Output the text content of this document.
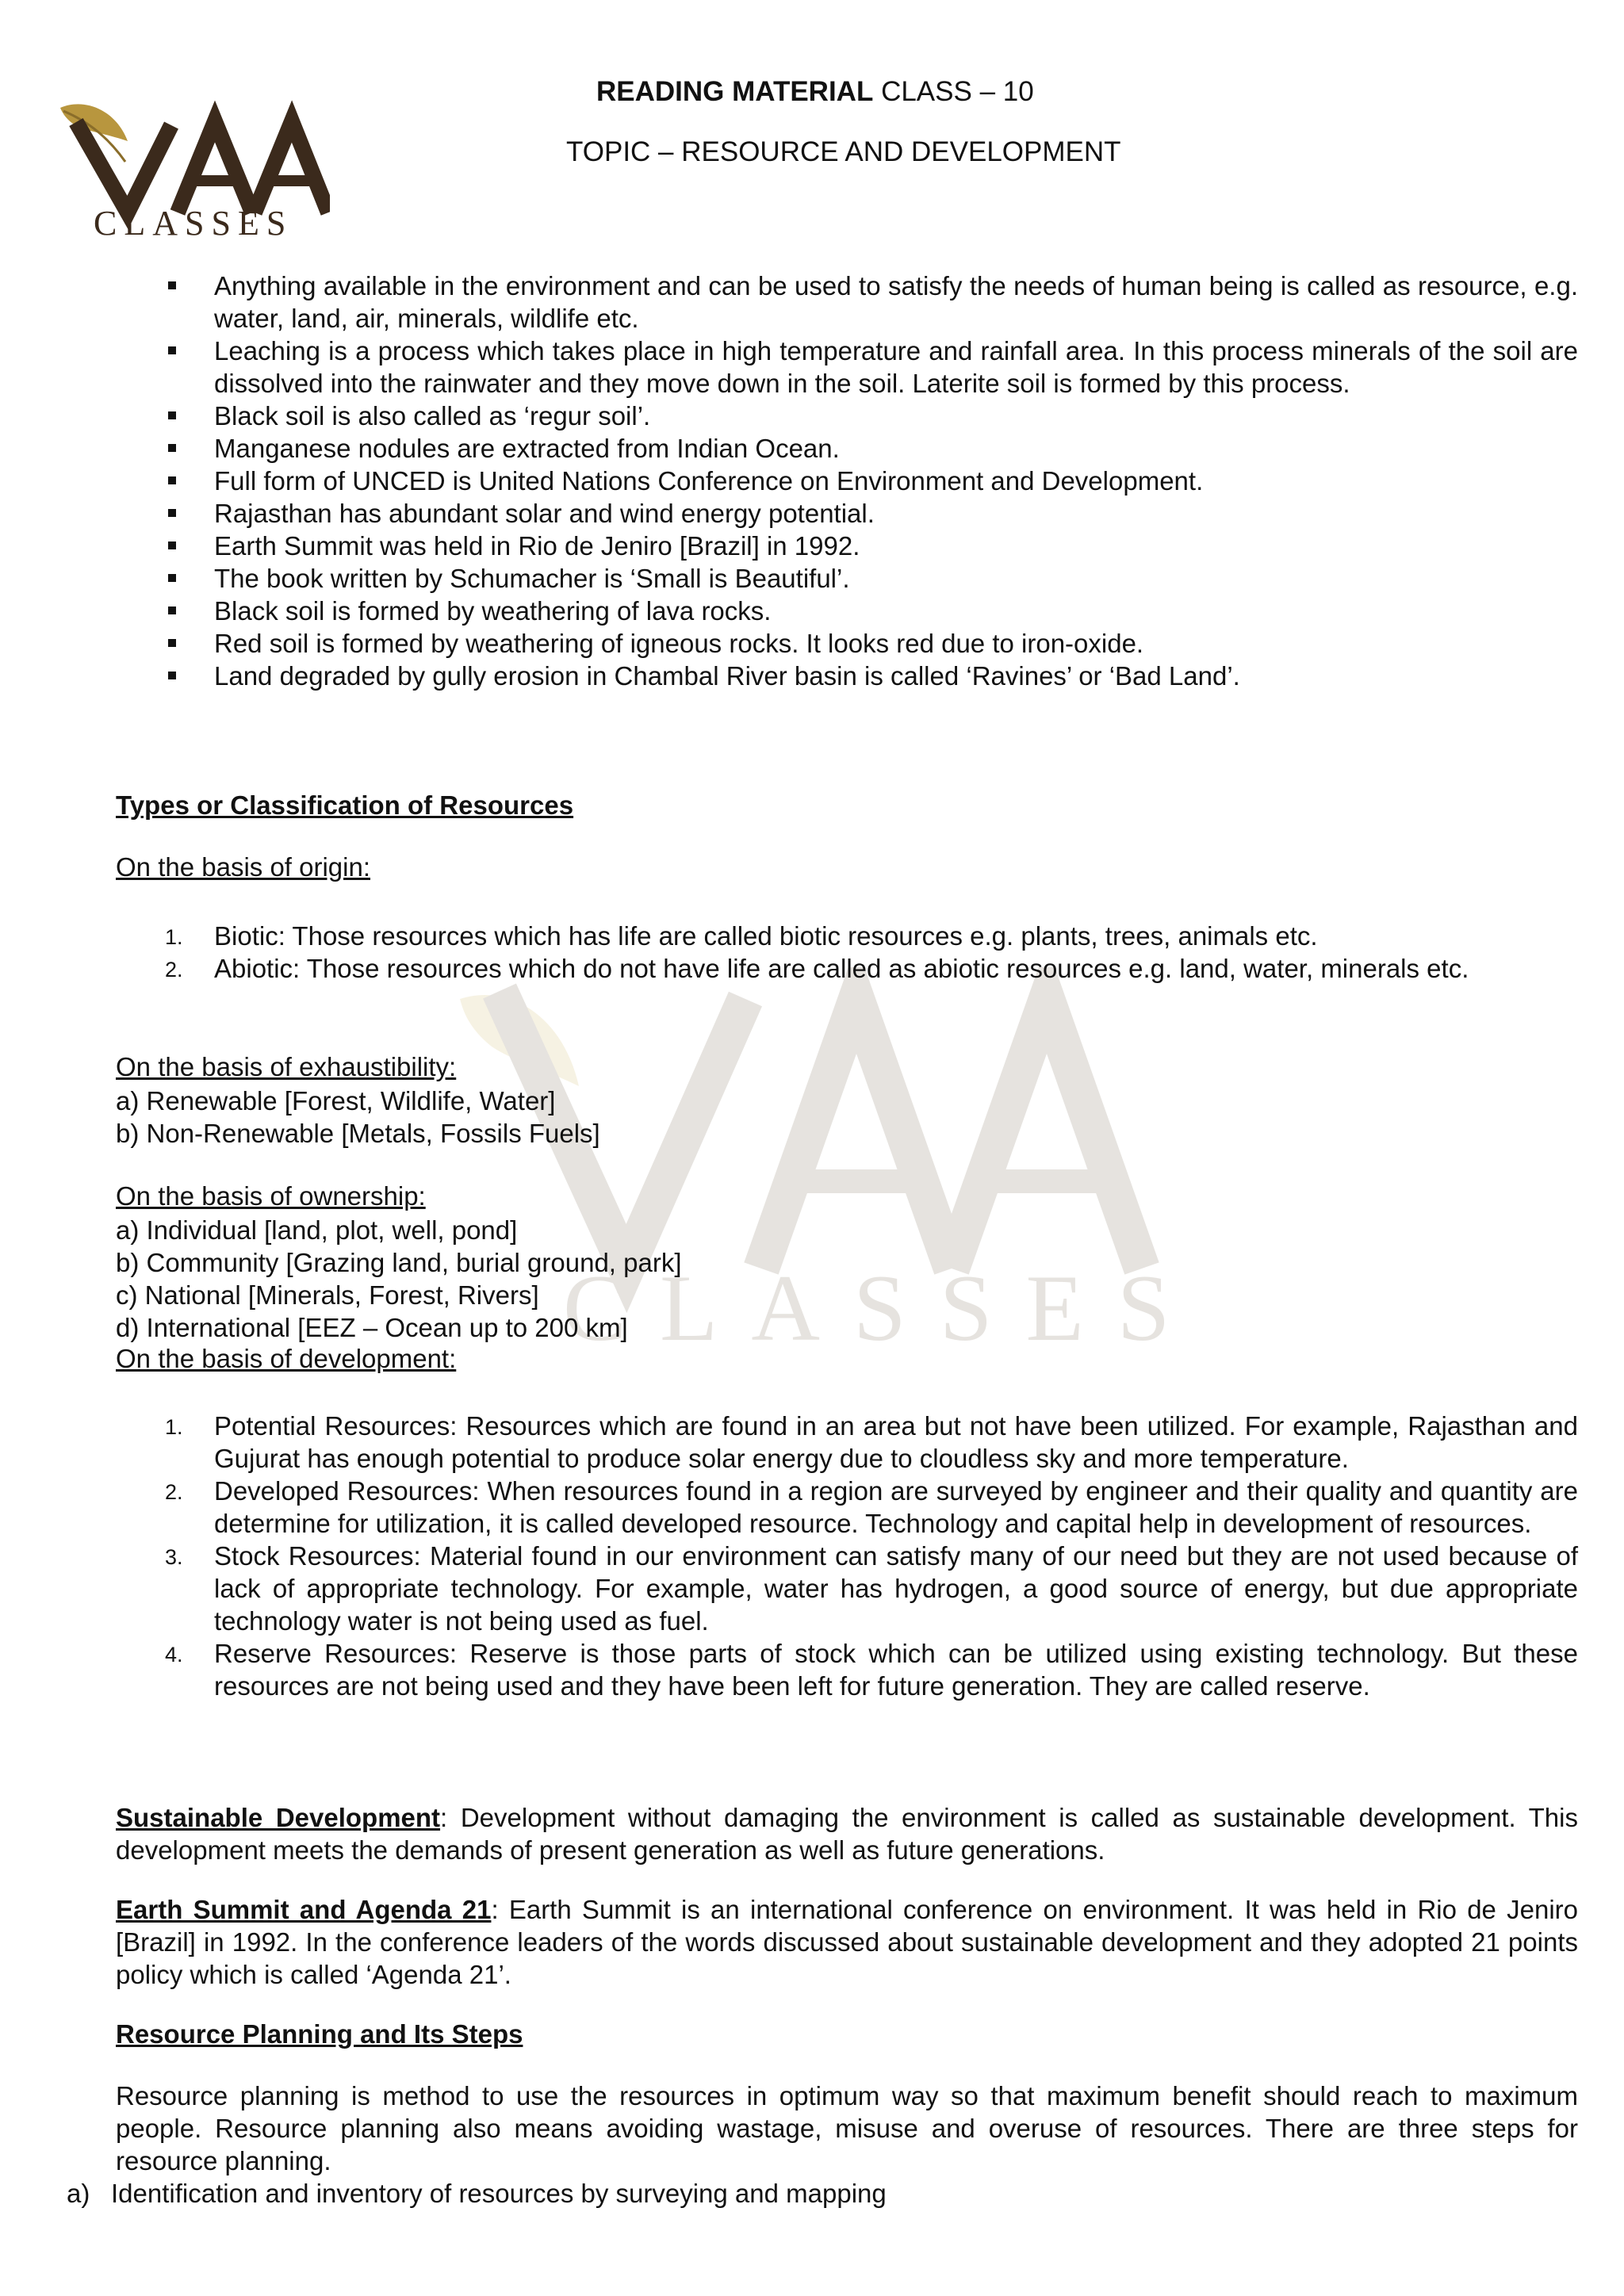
CLASSES
CLASSES
READING MATERIAL CLASS – 10
TOPIC – RESOURCE AND DEVELOPMENT
Anything available in the environment and can be used to satisfy the needs of human being is called as resource, e.g. water, land, air, minerals, wildlife etc.
Leaching is a process which takes place in high temperature and rainfall area. In this process minerals of the soil are dissolved into the rainwater and they move down in the soil. Laterite soil is formed by this process.
Black soil is also called as ‘regur soil’.
Manganese nodules are extracted from Indian Ocean.
Full form of UNCED is United Nations Conference on Environment and Development.
Rajasthan has abundant solar and wind energy potential.
Earth Summit was held in Rio de Jeniro [Brazil] in 1992.
The book written by Schumacher is ‘Small is Beautiful’.
Black soil is formed by weathering of lava rocks.
Red soil is formed by weathering of igneous rocks. It looks red due to iron-oxide.
Land degraded by gully erosion in Chambal River basin is called ‘Ravines’ or ‘Bad Land’.
Types or Classification of Resources
On the basis of origin:
1. Biotic: Those resources which has life are called biotic resources e.g. plants, trees, animals etc.
2. Abiotic: Those resources which do not have life are called as abiotic resources e.g. land, water, minerals etc.
On the basis of exhaustibility:
a) Renewable [Forest, Wildlife, Water]
b) Non-Renewable [Metals, Fossils Fuels]
On the basis of ownership:
a) Individual [land, plot, well, pond]
b) Community [Grazing land, burial ground, park]
c) National [Minerals, Forest, Rivers]
d) International [EEZ – Ocean up to 200 km]
On the basis of development:
1. Potential Resources: Resources which are found in an area but not have been utilized. For example, Rajasthan and Gujurat has enough potential to produce solar energy due to cloudless sky and more temperature.
2. Developed Resources: When resources found in a region are surveyed by engineer and their quality and quantity are determine for utilization, it is called developed resource. Technology and capital help in development of resources.
3. Stock Resources: Material found in our environment can satisfy many of our need but they are not used because of lack of appropriate technology. For example, water has hydrogen, a good source of energy, but due appropriate technology water is not being used as fuel.
4. Reserve Resources: Reserve is those parts of stock which can be utilized using existing technology. But these resources are not being used and they have been left for future generation. They are called reserve.
Sustainable Development: Development without damaging the environment is called as sustainable development. This development meets the demands of present generation as well as future generations.
Earth Summit and Agenda 21: Earth Summit is an international conference on environment. It was held in Rio de Jeniro [Brazil] in 1992. In the conference leaders of the words discussed about sustainable development and they adopted 21 points policy which is called ‘Agenda 21’.
Resource Planning and Its Steps
Resource planning is method to use the resources in optimum way so that maximum benefit should reach to maximum people. Resource planning also means avoiding wastage, misuse and overuse of resources. There are three steps for resource planning.
a) Identification and inventory of resources by surveying and mapping
